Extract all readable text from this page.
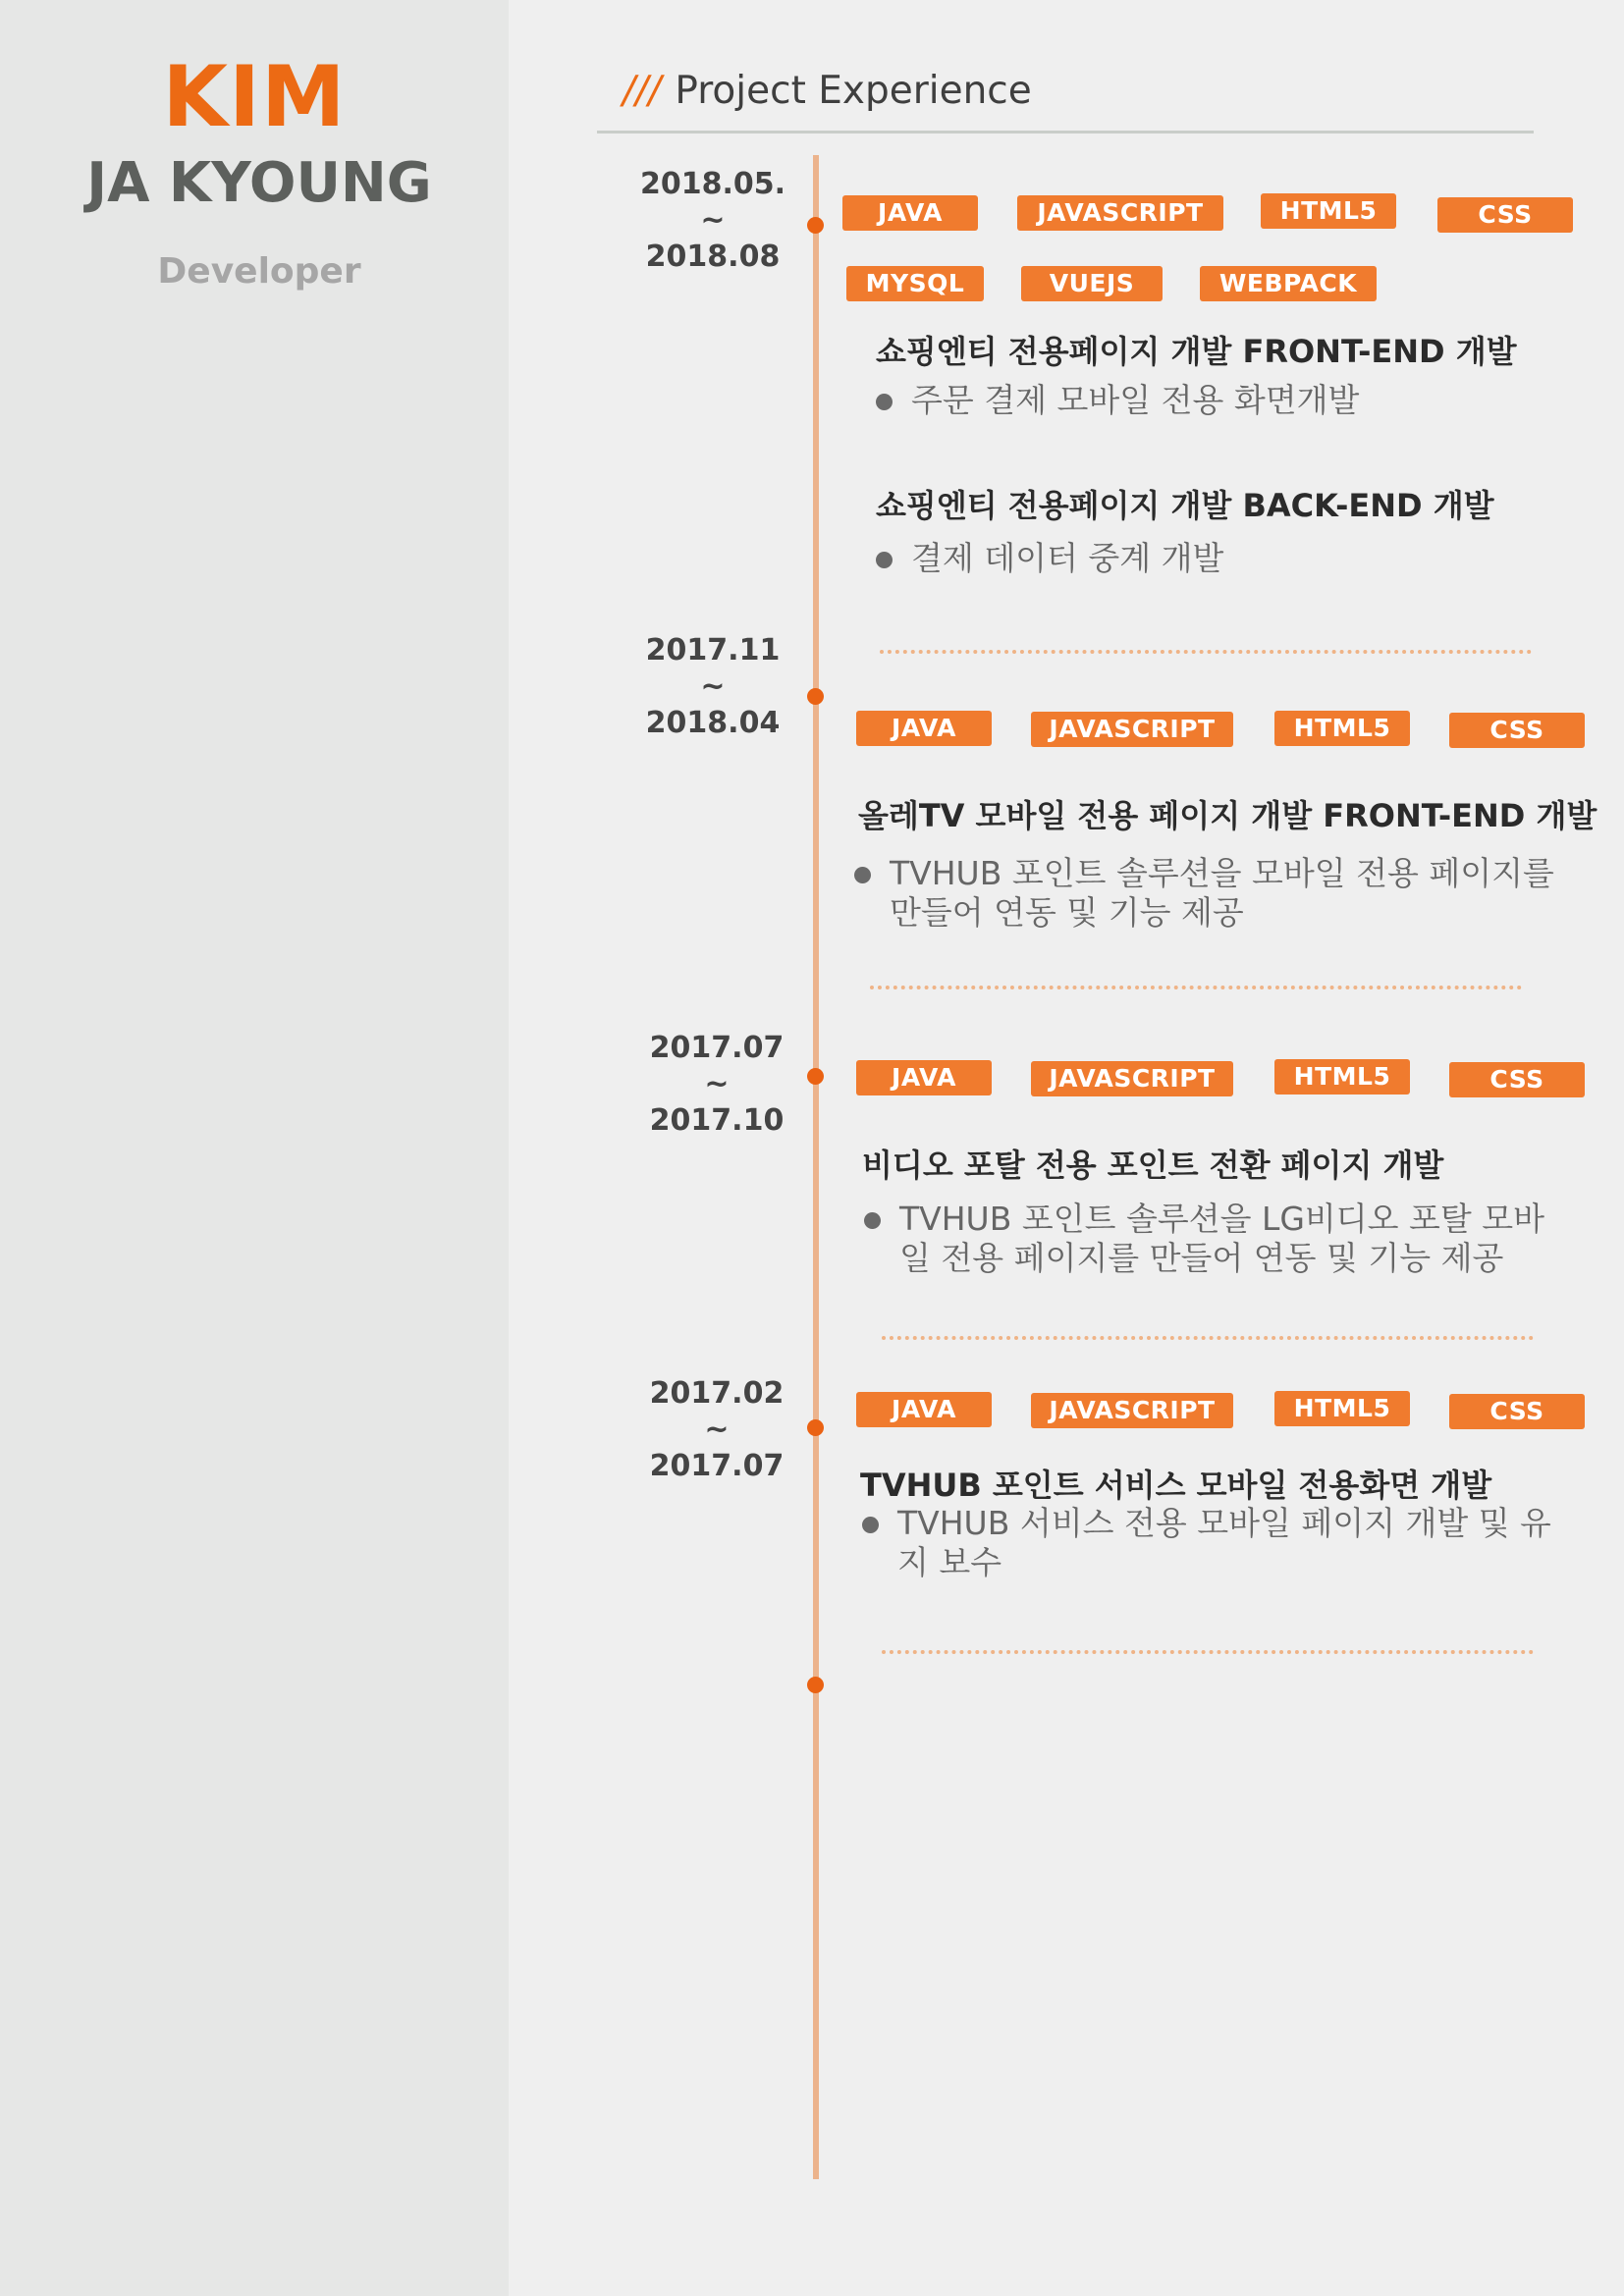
KIM
JA KYOUNG
Developer
/// Project Experience
2018.05.
~
2018.08
JAVA	JAVASCRIPT	HTML5	CSS
MYSQL	VUEJS	WEBPACK
쇼핑엔티 전용페이지 개발 FRONT-END 개발
주문 결제 모바일 전용 화면개발
쇼핑엔티 전용페이지 개발 BACK-END 개발
결제 데이터 중계 개발
2017.11
~
2018.04	JAVA	JAVASCRIPT	HTML5	CSS
올레TV 모바일 전용 페이지 개발 FRONT-END 개발
TVHUB 포인트 솔루션을 모바일 전용 페이지를 만들어 연동 및 기능 제공
2017.07
~
2017.10
JAVA	JAVASCRIPT	HTML5	CSS
비디오 포탈 전용 포인트 전환 페이지 개발
TVHUB 포인트 솔루션을 LG비디오 포탈 모바일 전용 페이지를 만들어 연동 및 기능 제공
2017.02
~
2017.07
JAVA	JAVASCRIPT	HTML5	CSS
TVHUB 포인트 서비스 모바일 전용화면 개발
TVHUB 서비스 전용 모바일 페이지 개발 및 유지 보수
